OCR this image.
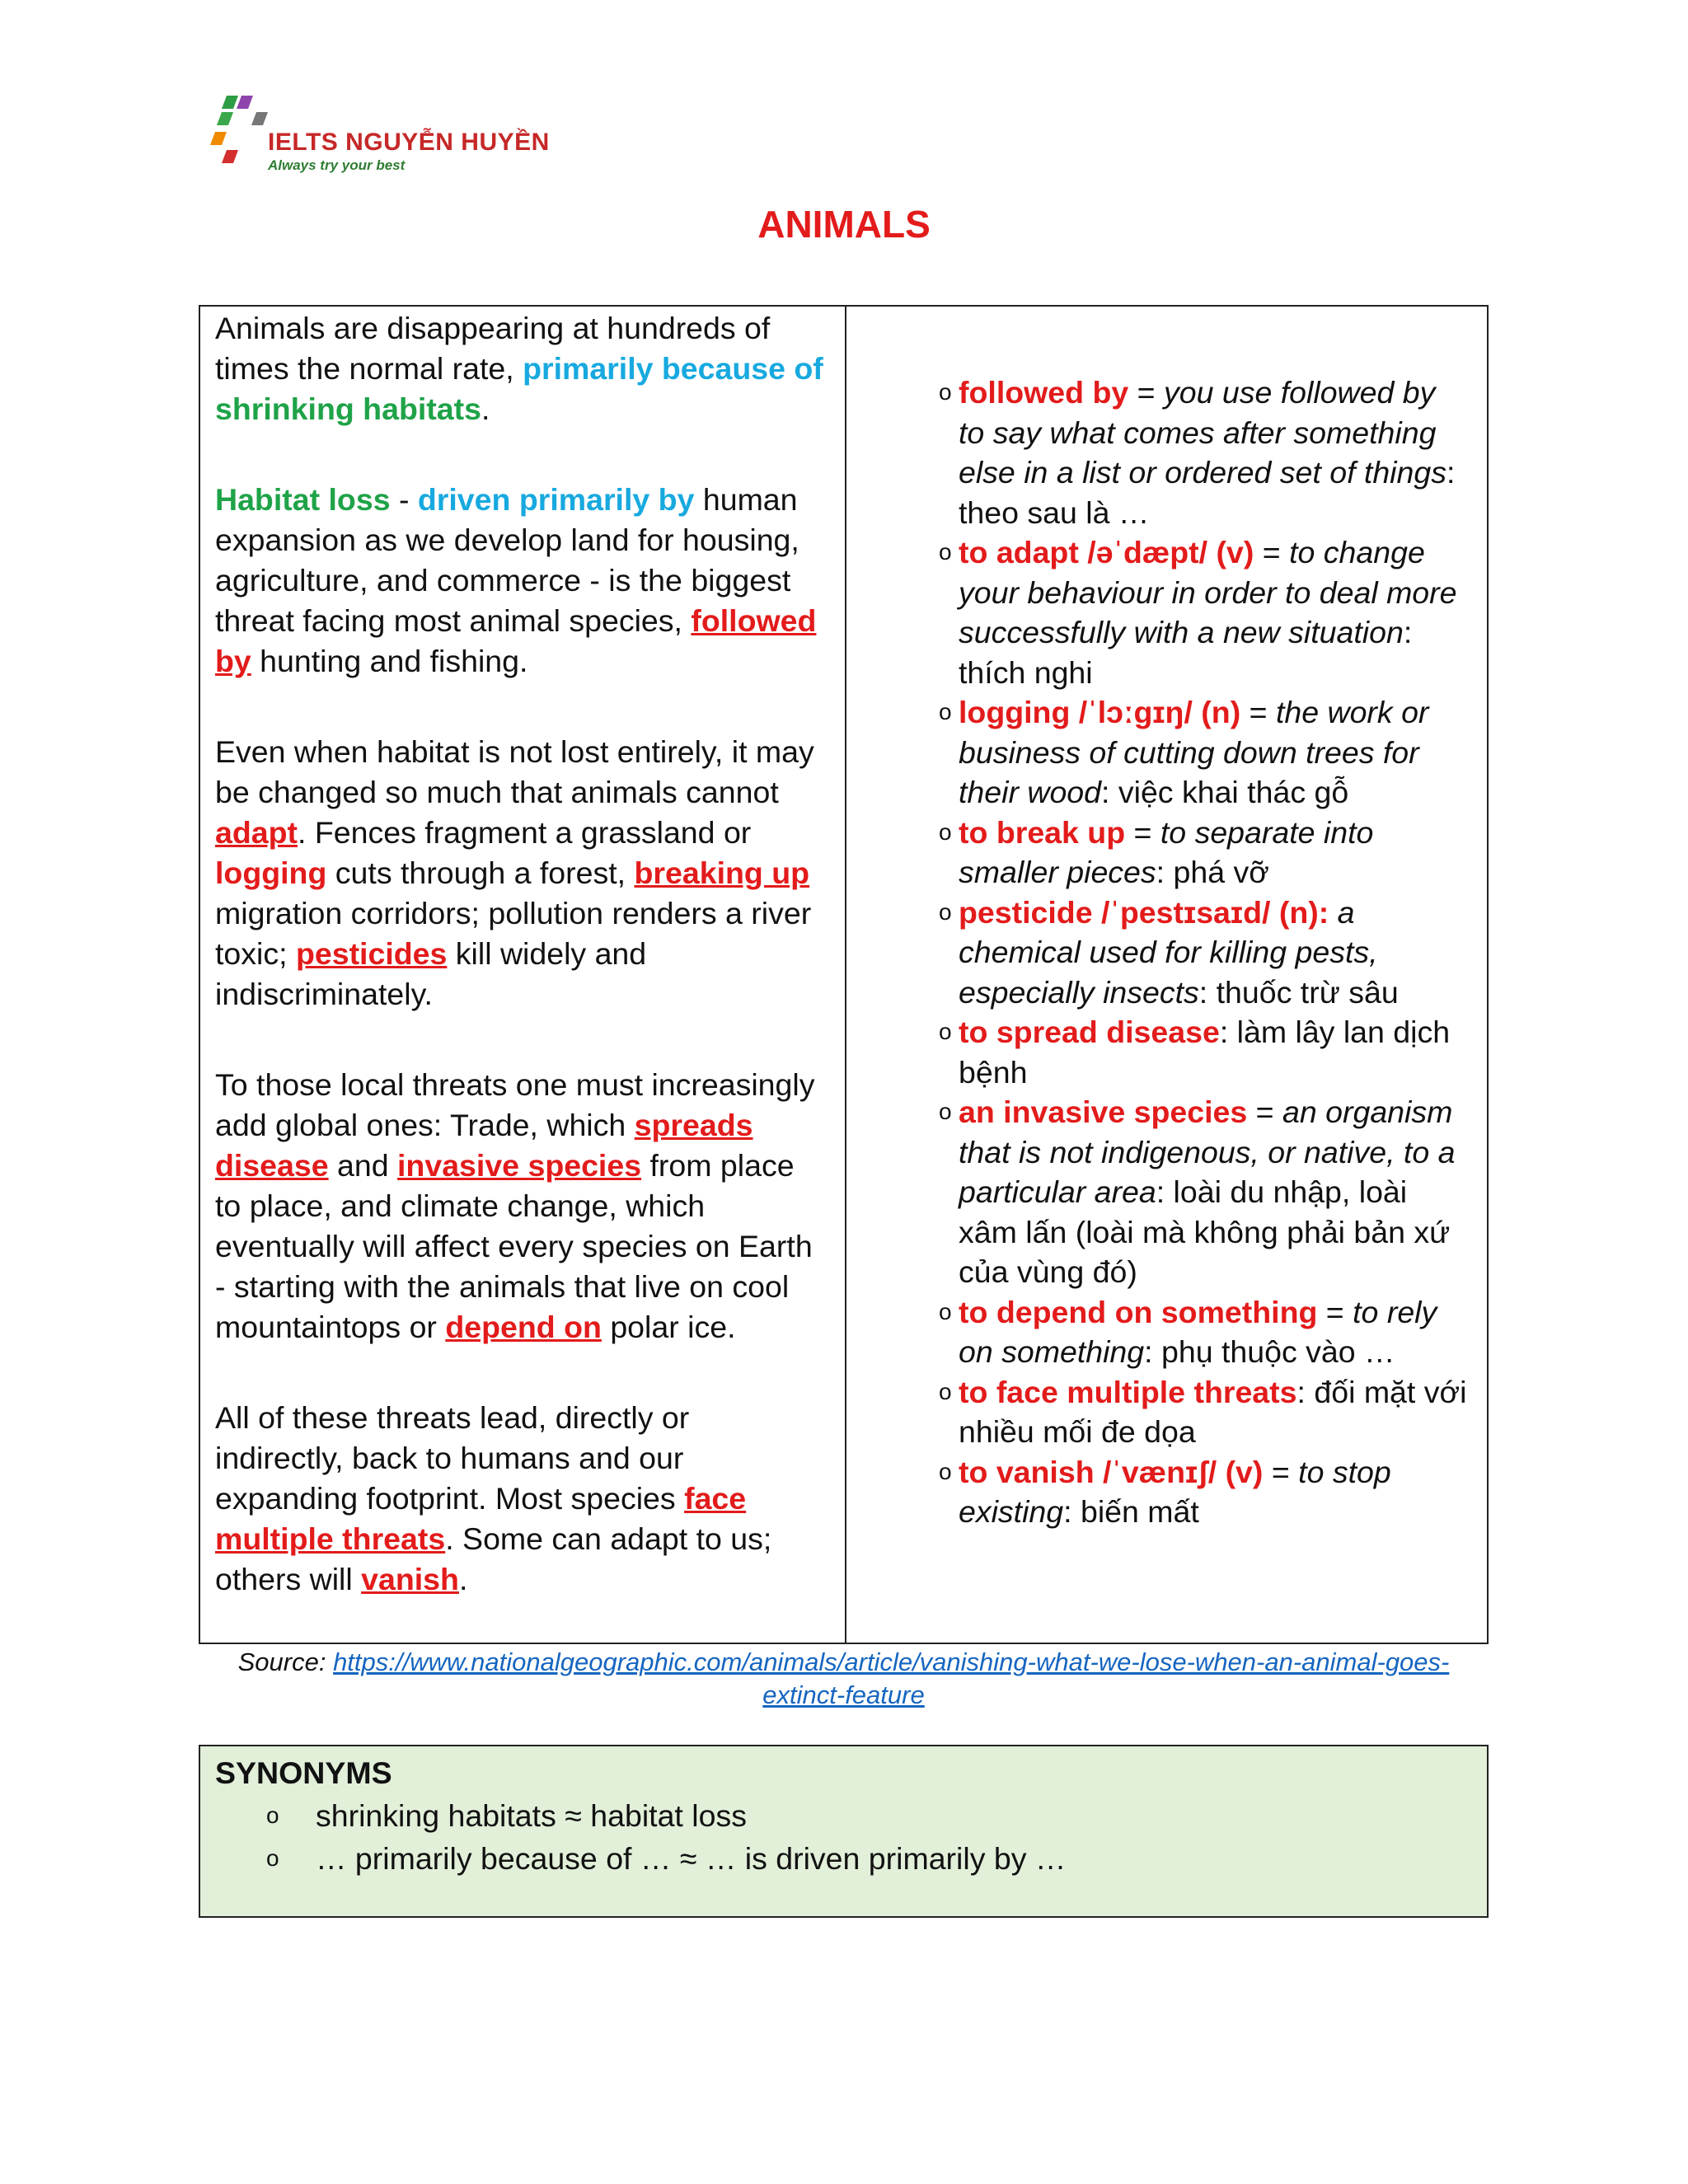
IELTS NGUYỄN HUYỀN
Always try your best
ANIMALS

Animals are disappearing at hundreds of times the normal rate, primarily because of shrinking habitats.

Habitat loss - driven primarily by human expansion as we develop land for housing, agriculture, and commerce - is the biggest threat facing most animal species, followed by hunting and fishing.

Even when habitat is not lost entirely, it may be changed so much that animals cannot adapt. Fences fragment a grassland or logging cuts through a forest, breaking up migration corridors; pollution renders a river toxic; pesticides kill widely and indiscriminately.

To those local threats one must increasingly add global ones: Trade, which spreads disease and invasive species from place to place, and climate change, which eventually will affect every species on Earth - starting with the animals that live on cool mountaintops or depend on polar ice.

All of these threats lead, directly or indirectly, back to humans and our expanding footprint. Most species face multiple threats. Some can adapt to us; others will vanish.

o followed by = you use followed by to say what comes after something else in a list or ordered set of things: theo sau là …
o to adapt /əˈdæpt/ (v) = to change your behaviour in order to deal more successfully with a new situation: thích nghi
o logging /ˈlɔːɡɪŋ/ (n) = the work or business of cutting down trees for their wood: việc khai thác gỗ
o to break up = to separate into smaller pieces: phá vỡ
o pesticide /ˈpestɪsaɪd/ (n): a chemical used for killing pests, especially insects: thuốc trừ sâu
o to spread disease: làm lây lan dịch bệnh
o an invasive species = an organism that is not indigenous, or native, to a particular area: loài du nhập, loài xâm lấn (loài mà không phải bản xứ của vùng đó)
o to depend on something = to rely on something: phụ thuộc vào …
o to face multiple threats: đối mặt với nhiều mối đe dọa
o to vanish /ˈvænɪʃ/ (v) = to stop existing: biến mất
Source: https://www.nationalgeographic.com/animals/article/vanishing-what-we-lose-when-an-animal-goes-extinct-feature
SYNONYMS
o shrinking habitats ≈ habitat loss
o … primarily because of … ≈ … is driven primarily by …
